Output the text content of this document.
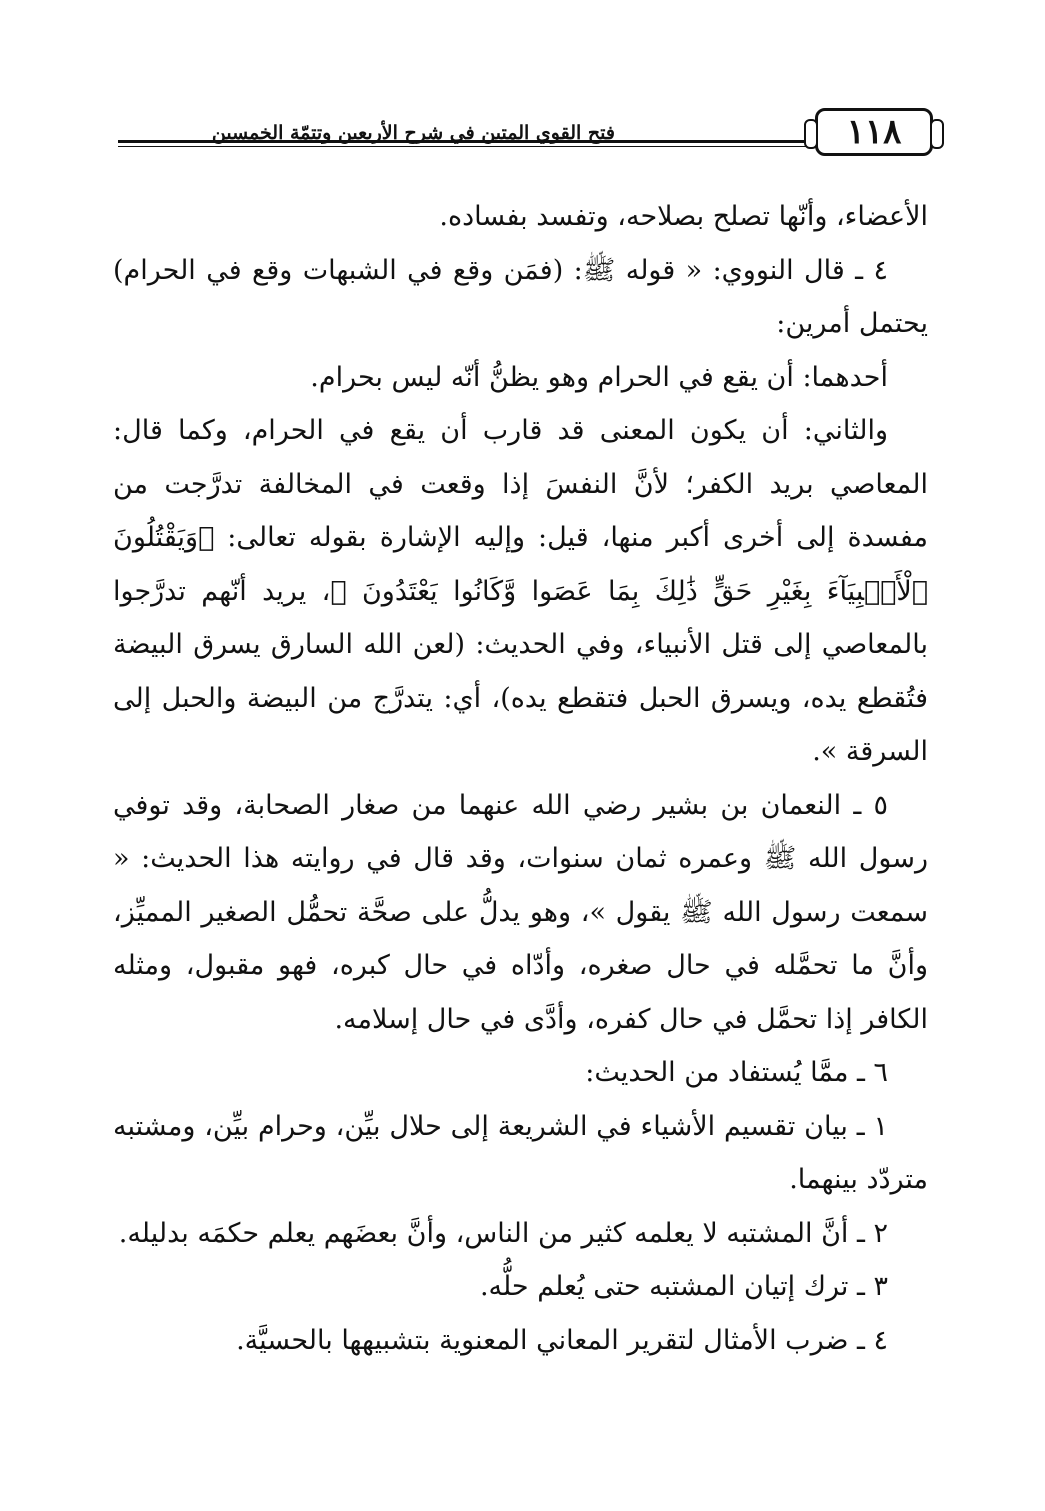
فتح القوي المتين في شرح الأربعين وتتمّة الخمسين	١١٨

الأعضاء، وأنّها تصلح بصلاحه، وتفسد بفساده.

٤ ـ قال النووي: « قوله ﷺ: (فمَن وقع في الشبهات وقع في الحرام) يحتمل أمرين:

أحدهما: أن يقع في الحرام وهو يظنُّ أنّه ليس بحرام.

والثاني: أن يكون المعنى قد قارب أن يقع في الحرام، وكما قال: المعاصي بريد الكفر؛ لأنَّ النفسَ إذا وقعت في المخالفة تدرَّجت من مفسدة إلى أخرى أكبر منها، قيل: وإليه الإشارة بقوله تعالى: ﴿وَيَقْتُلُونَ ٱلْأَنۢبِيَآءَ بِغَيْرِ حَقٍّ ذَٰلِكَ بِمَا عَصَوا وَّكَانُوا يَعْتَدُونَ ﴾، يريد أنّهم تدرَّجوا بالمعاصي إلى قتل الأنبياء، وفي الحديث: (لعن الله السارق يسرق البيضة فتُقطع يده، ويسرق الحبل فتقطع يده)، أي: يتدرَّج من البيضة والحبل إلى السرقة ».

٥ ـ النعمان بن بشير رضي الله عنهما من صغار الصحابة، وقد توفي رسول الله ﷺ وعمره ثمان سنوات، وقد قال في روايته هذا الحديث: « سمعت رسول الله ﷺ يقول »، وهو يدلُّ على صحَّة تحمُّل الصغير المميِّز، وأنَّ ما تحمَّله في حال صغره، وأدّاه في حال كبره، فهو مقبول، ومثله الكافر إذا تحمَّل في حال كفره، وأدَّى في حال إسلامه.

٦ ـ ممَّا يُستفاد من الحديث:

١ ـ بيان تقسيم الأشياء في الشريعة إلى حلال بيِّن، وحرام بيِّن، ومشتبه متردّد بينهما.

٢ ـ أنَّ المشتبه لا يعلمه كثير من الناس، وأنَّ بعضَهم يعلم حكمَه بدليله.

٣ ـ ترك إتيان المشتبه حتى يُعلم حلُّه.

٤ ـ ضرب الأمثال لتقرير المعاني المعنوية بتشبيهها بالحسيَّة.
